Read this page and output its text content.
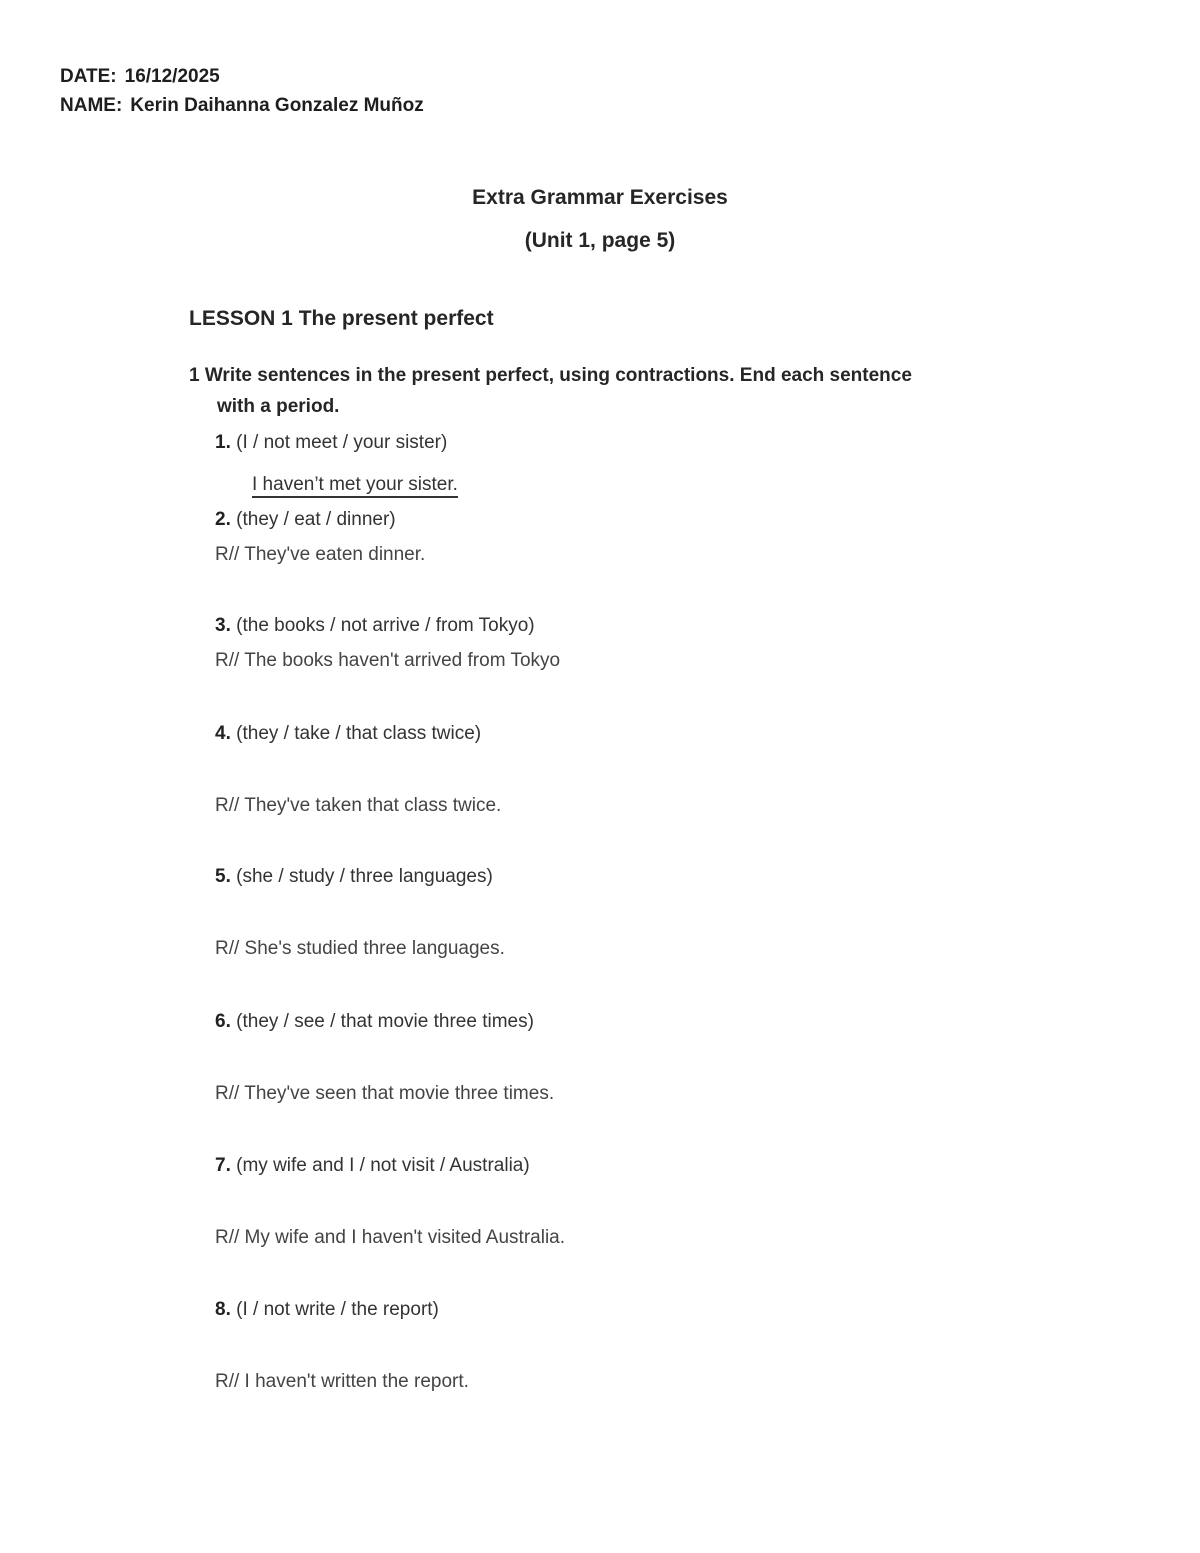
DATE: 16/12/2025

NAME: Kerin Daihanna Gonzalez Muñoz

Extra Grammar Exercises

(Unit 1, page 5)

LESSON 1 The present perfect

1 Write sentences in the present perfect, using contractions. End each sentence
with a period.

1. (I / not meet / your sister)

I haven’t met your sister.

2. (they / eat / dinner)

R// They've eaten dinner.

3. (the books / not arrive / from Tokyo)

R// The books haven't arrived from Tokyo

4. (they / take / that class twice)

R// They've taken that class twice.

5. (she / study / three languages)

R// She's studied three languages.

6. (they / see / that movie three times)

R// They've seen that movie three times.

7. (my wife and I / not visit / Australia)

R// My wife and I haven't visited Australia.

8. (I / not write / the report)

R// I haven't written the report.
